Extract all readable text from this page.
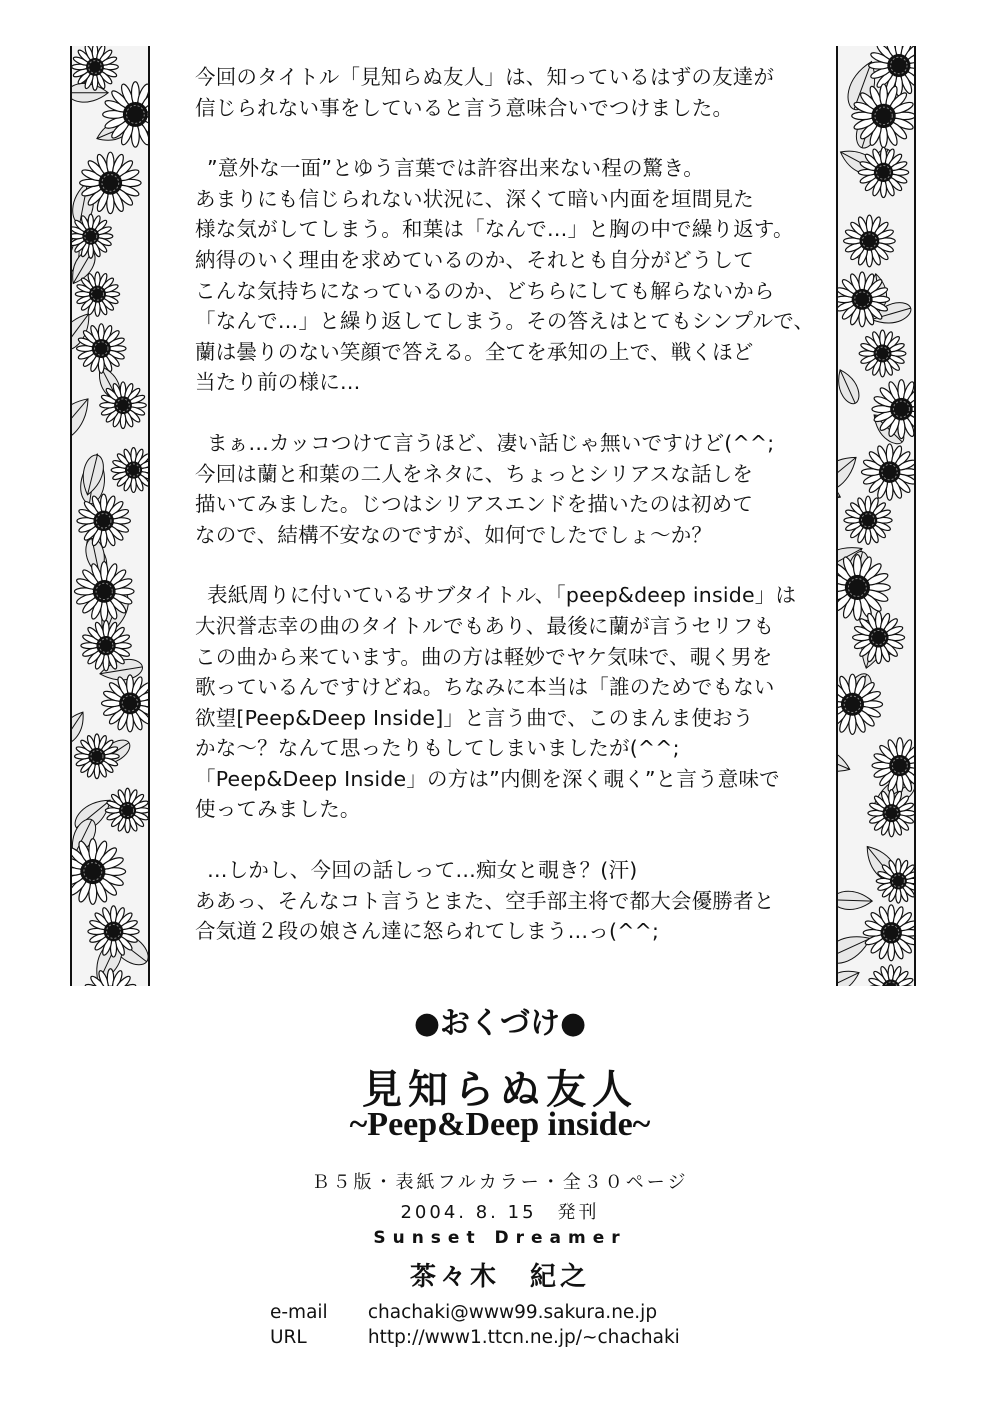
今回のタイトル「見知らぬ友人」は、知っているはずの友達が
信じられない事をしていると言う意味合いでつけました。

”意外な一面”とゆう言葉では許容出来ない程の驚き。
あまりにも信じられない状況に、深くて暗い内面を垣間見た
様な気がしてしまう。和葉は「なんで…」と胸の中で繰り返す。
納得のいく理由を求めているのか、それとも自分がどうして
こんな気持ちになっているのか、どちらにしても解らないから
「なんで…」と繰り返してしまう。その答えはとてもシンプルで、
蘭は曇りのない笑顔で答える。全てを承知の上で、戦くほど
当たり前の様に…

まぁ…カッコつけて言うほど、凄い話じゃ無いですけど(^^;
今回は蘭と和葉の二人をネタに、ちょっとシリアスな話しを
描いてみました。じつはシリアスエンドを描いたのは初めて
なので、結構不安なのですが、如何でしたでしょ～か？

表紙周りに付いているサブタイトル、「peep&deep inside」は
大沢誉志幸の曲のタイトルでもあり、最後に蘭が言うセリフも
この曲から来ています。曲の方は軽妙でヤケ気味で、覗く男を
歌っているんですけどね。ちなみに本当は「誰のためでもない
欲望[Peep&Deep Inside]」と言う曲で、このまんま使おう
かな～？なんて思ったりもしてしまいましたが(^^;
「Peep&Deep Inside」の方は”内側を深く覗く”と言う意味で
使ってみました。

…しかし、今回の話しって…痴女と覗き？(汗)
ああっ、そんなコト言うとまた、空手部主将で都大会優勝者と
合気道２段の娘さん達に怒られてしまう…っ(^^;

●おくづけ●
見知らぬ友人
~Peep&Deep inside~
Ｂ５版・表紙フルカラー・全３０ページ
2004. 8. 15　発刊
Sunset Dreamer
茶々木　紀之
e-mail chachaki@www99.sakura.ne.jp
URL	http://www1.ttcn.ne.jp/~chachaki
